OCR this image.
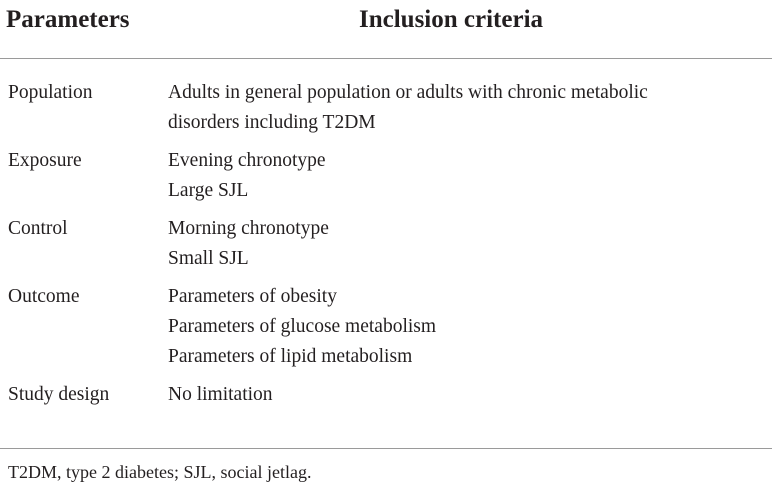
Parameters	Inclusion criteria
Population	Adults in general population or adults with chronic metabolic
disorders including T2DM
Exposure	Evening chronotype
Large SJL
Control	Morning chronotype
Small SJL
Outcome	Parameters of obesity
Parameters of glucose metabolism
Parameters of lipid metabolism
Study design	No limitation
T2DM, type 2 diabetes; SJL, social jetlag.
